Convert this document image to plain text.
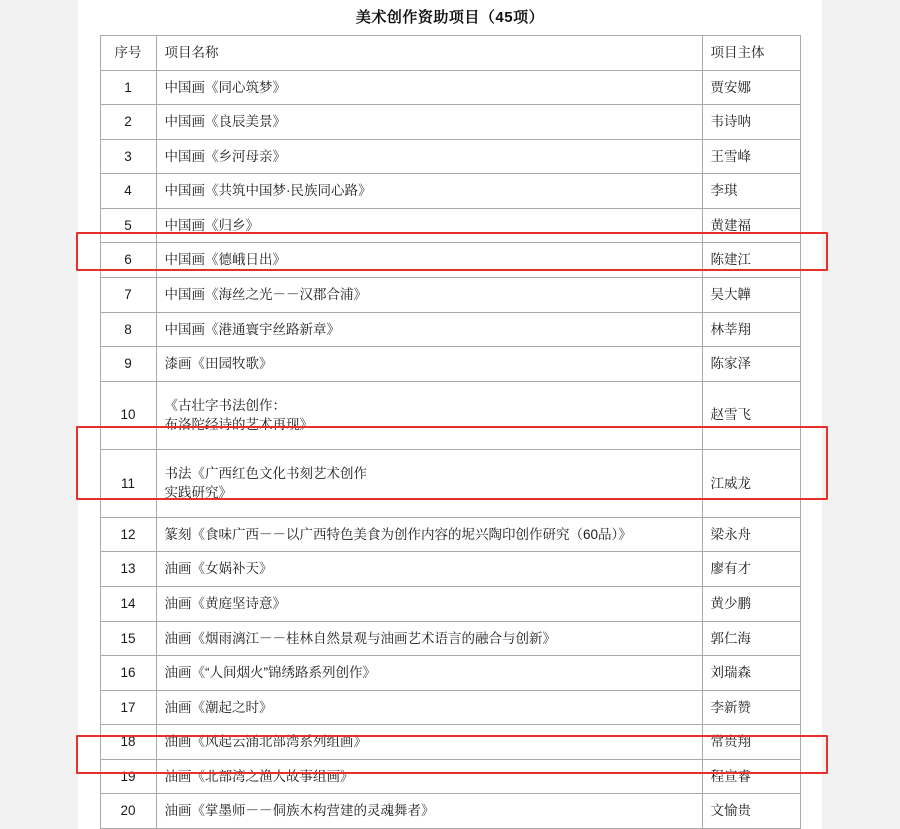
美术创作资助项目（45项）
序号	项目名称	项目主体
1	中国画《同心筑梦》	贾安娜
2	中国画《良辰美景》	韦诗呐
3	中国画《乡河母亲》	王雪峰
4	中国画《共筑中国梦·民族同心路》	李琪
5	中国画《归乡》	黄建福
6	中国画《德峨日出》	陈建江
7	中国画《海丝之光－－汉郡合浦》	吴大韡
8	中国画《港通寰宇丝路新章》	林莘翔
9	漆画《田园牧歌》	陈家泽
10	《古壮字书法创作：
布洛陀经诗的艺术再现》	赵雪飞
11	书法《广西红色文化书刻艺术创作
实践研究》	江威龙
12	篆刻《食味广西－－以广西特色美食为创作内容的坭兴陶印创作研究（60品）》	梁永舟
13	油画《女娲补天》	廖有才
14	油画《黄庭坚诗意》	黄少鹏
15	油画《烟雨漓江－－桂林自然景观与油画艺术语言的融合与创新》	郭仁海
16	油画《“人间烟火”锦绣路系列创作》	刘瑞森
17	油画《潮起之时》	李新赞
18	油画《风起云涌北部湾系列组画》	常贵翔
19	油画《北部湾之渔人故事组画》	程宣睿
20	油画《掌墨师－－侗族木构营建的灵魂舞者》	文愉贵
